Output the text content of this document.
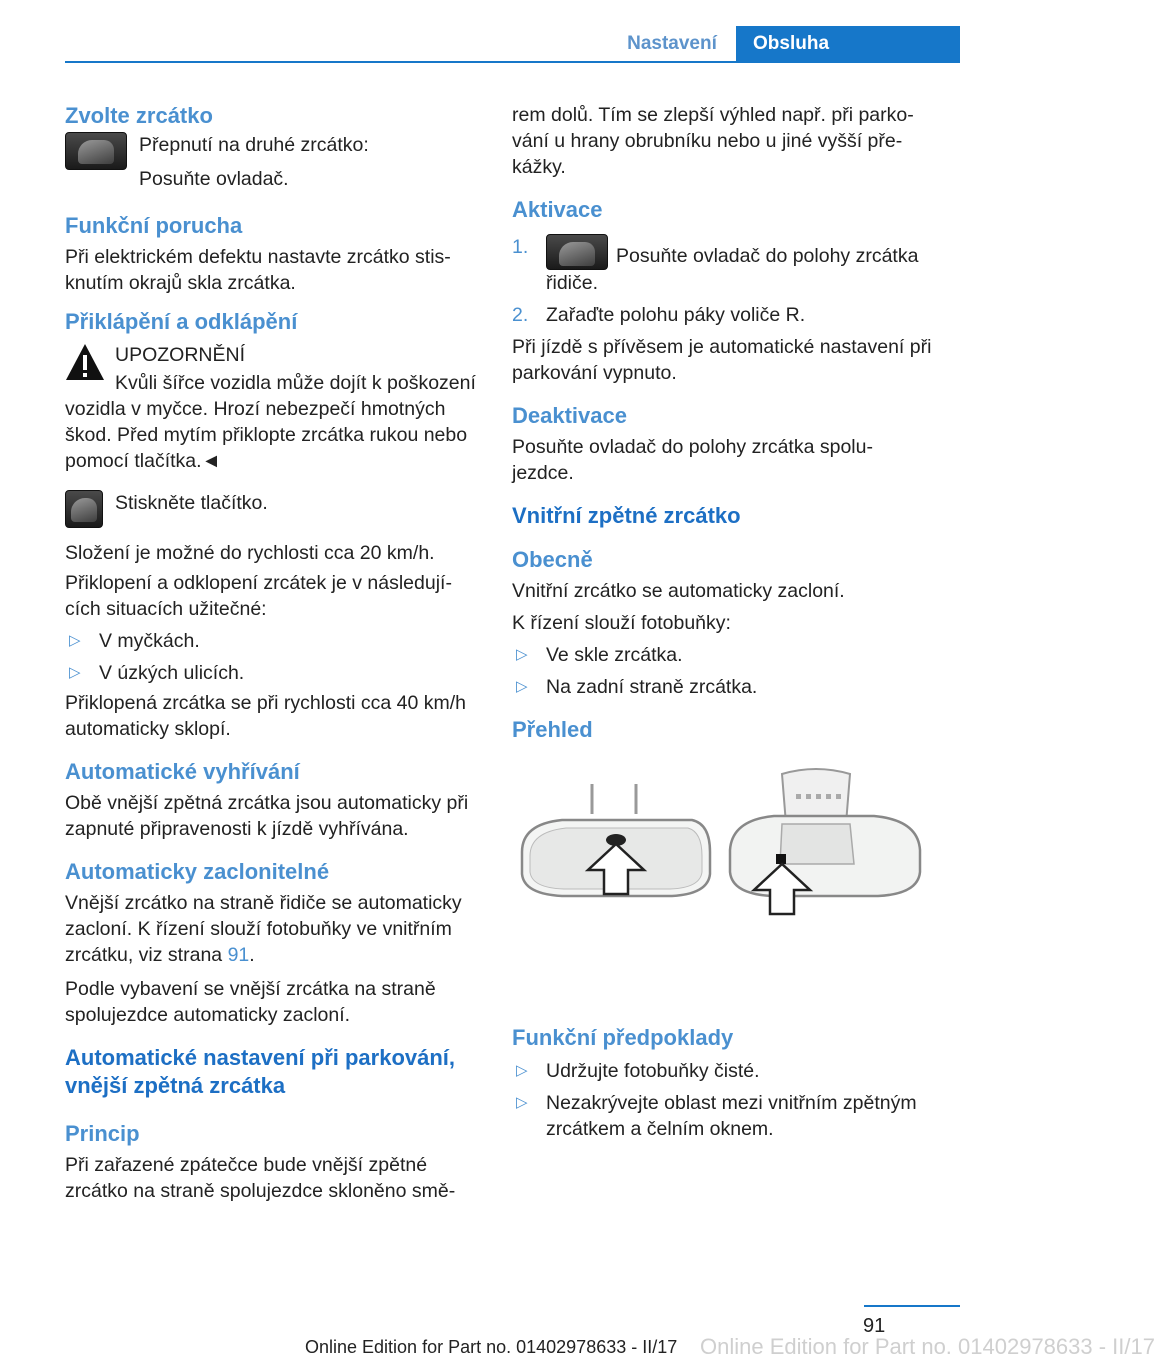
Nastavení	Obsluha
Zvolte zrcátko
Přepnutí na druhé zrcátko:
Posuňte ovladač.
Funkční porucha
Při elektrickém defektu nastavte zrcátko stis‐ knutím okrajů skla zrcátka.
Přiklápění a odklápění
UPOZORNĚNÍ
Kvůli šířce vozidla může dojít k poškození vozidla v myčce. Hrozí nebezpečí hmotných škod. Před mytím přiklopte zrcátka rukou nebo pomocí tlačítka.◄
Stiskněte tlačítko.
Složení je možné do rychlosti cca 20 km/h.
Přiklopení a odklopení zrcátek je v následují‐ cích situacích užitečné:
▷ V myčkách.
▷ V úzkých ulicích.
Přiklopená zrcátka se při rychlosti cca 40 km/h automaticky sklopí.
Automatické vyhřívání
Obě vnější zpětná zrcátka jsou automaticky při zapnuté připravenosti k jízdě vyhřívána.
Automaticky zaclonitelné
Vnější zrcátko na straně řidiče se automaticky zacloní. K řízení slouží fotobuňky ve vnitřním zrcátku, viz strana 91.
Podle vybavení se vnější zrcátka na straně spolujezdce automaticky zacloní.
Automatické nastavení při parkování, vnější zpětná zrcátka
Princip
Při zařazené zpátečce bude vnější zpětné zrcátko na straně spolujezdce skloněno smě‐
rem dolů. Tím se zlepší výhled např. při parko‐ vání u hrany obrubníku nebo u jiné vyšší pře‐ kážky.
Aktivace
1.	Posuňte ovladač do polohy zrcátka řidiče.
2. Zařaďte polohu páky voliče R.
Při jízdě s přívěsem je automatické nastavení při parkování vypnuto.
Deaktivace
Posuňte ovladač do polohy zrcátka spolu‐ jezdce.
Vnitřní zpětné zrcátko
Obecně
Vnitřní zrcátko se automaticky zacloní.
K řízení slouží fotobuňky:
▷ Ve skle zrcátka.
▷ Na zadní straně zrcátka.
Přehled
Funkční předpoklady
▷ Udržujte fotobuňky čisté.
▷ Nezakrývejte oblast mezi vnitřním zpětným zrcátkem a čelním oknem.
91
Online Edition for Part no. 01402978633 - II/17 Online Edition for Part no. 01402978633 - II/17
